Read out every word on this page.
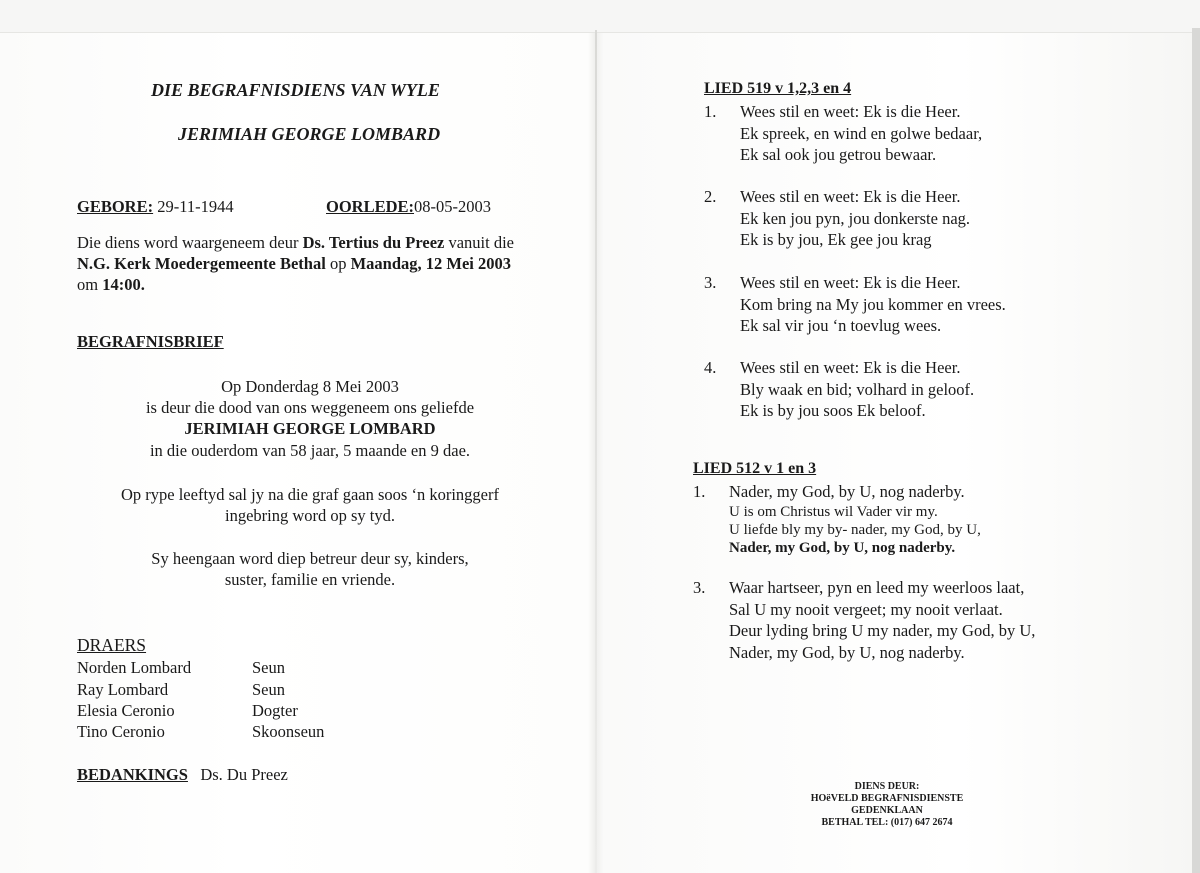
DIE BEGRAFNISDIENS VAN WYLE
JERIMIAH GEORGE LOMBARD
GEBORE: 29-11-1944	OORLEDE:08-05-2003
Die diens word waargeneem deur Ds. Tertius du Preez vanuit die
N.G. Kerk Moedergemeente Bethal op Maandag, 12 Mei 2003
om 14:00.
BEGRAFNISBRIEF
Op Donderdag 8 Mei 2003
is deur die dood van ons weggeneem ons geliefde
JERIMIAH GEORGE LOMBARD
in die ouderdom van 58 jaar, 5 maande en 9 dae.
Op rype leeftyd sal jy na die graf gaan soos ‘n koringgerf
ingebring word op sy tyd.
Sy heengaan word diep betreur deur sy, kinders,
suster, familie en vriende.
DRAERS
Norden Lombard	Seun
Ray Lombard	Seun
Elesia Ceronio	Dogter
Tino Ceronio	Skoonseun
BEDANKINGS Ds. Du Preez
LIED 519 v 1,2,3 en 4
1. Wees stil en weet: Ek is die Heer.
Ek spreek, en wind en golwe bedaar,
Ek sal ook jou getrou bewaar.
2. Wees stil en weet: Ek is die Heer.
Ek ken jou pyn, jou donkerste nag.
Ek is by jou, Ek gee jou krag
3. Wees stil en weet: Ek is die Heer.
Kom bring na My jou kommer en vrees.
Ek sal vir jou ‘n toevlug wees.
4. Wees stil en weet: Ek is die Heer.
Bly waak en bid; volhard in geloof.
Ek is by jou soos Ek beloof.
LIED 512 v 1 en 3
1. Nader, my God, by U, nog naderby.
U is om Christus wil Vader vir my.
U liefde bly my by- nader, my God, by U,
Nader, my God, by U, nog naderby.
3. Waar hartseer, pyn en leed my weerloos laat,
Sal U my nooit vergeet; my nooit verlaat.
Deur lyding bring U my nader, my God, by U,
Nader, my God, by U, nog naderby.
DIENS DEUR:
HOëVELD BEGRAFNISDIENSTE
GEDENKLAAN
BETHAL TEL: (017) 647 2674
